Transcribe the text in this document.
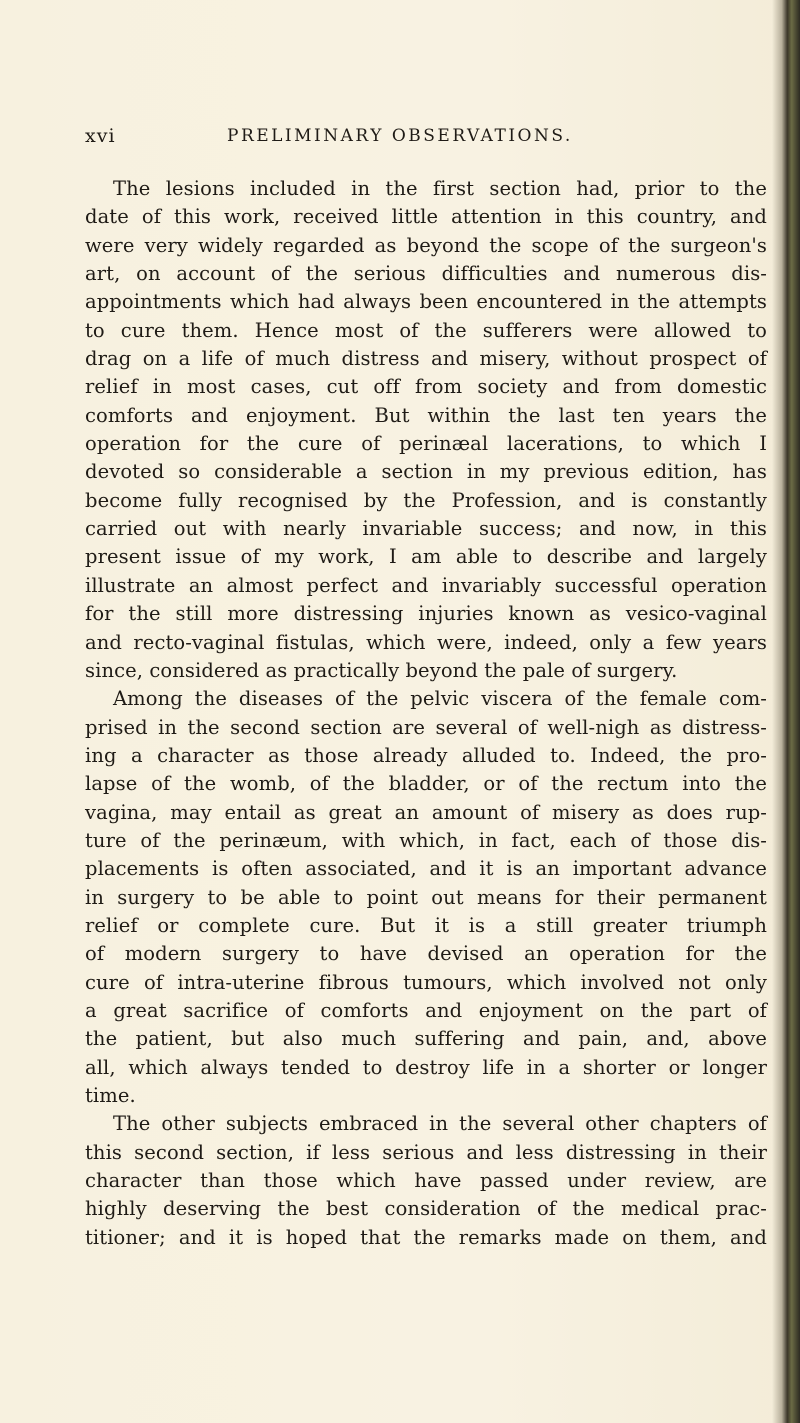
xvi	PRELIMINARY OBSERVATIONS.

The lesions included in the first section had, prior to the
date of this work, received little attention in this country, and
were very widely regarded as beyond the scope of the surgeon's
art, on account of the serious difficulties and numerous dis-
appointments which had always been encountered in the attempts
to cure them. Hence most of the sufferers were allowed to
drag on a life of much distress and misery, without prospect of
relief in most cases, cut off from society and from domestic
comforts and enjoyment. But within the last ten years the
operation for the cure of perinæal lacerations, to which I
devoted so considerable a section in my previous edition, has
become fully recognised by the Profession, and is constantly
carried out with nearly invariable success; and now, in this
present issue of my work, I am able to describe and largely
illustrate an almost perfect and invariably successful operation
for the still more distressing injuries known as vesico-vaginal
and recto-vaginal fistulas, which were, indeed, only a few years
since, considered as practically beyond the pale of surgery.

Among the diseases of the pelvic viscera of the female com-
prised in the second section are several of well-nigh as distress-
ing a character as those already alluded to. Indeed, the pro-
lapse of the womb, of the bladder, or of the rectum into the
vagina, may entail as great an amount of misery as does rup-
ture of the perinæum, with which, in fact, each of those dis-
placements is often associated, and it is an important advance
in surgery to be able to point out means for their permanent
relief or complete cure. But it is a still greater triumph
of modern surgery to have devised an operation for the
cure of intra-uterine fibrous tumours, which involved not only
a great sacrifice of comforts and enjoyment on the part of
the patient, but also much suffering and pain, and, above
all, which always tended to destroy life in a shorter or longer
time.

The other subjects embraced in the several other chapters of
this second section, if less serious and less distressing in their
character than those which have passed under review, are
highly deserving the best consideration of the medical prac-
titioner; and it is hoped that the remarks made on them, and
